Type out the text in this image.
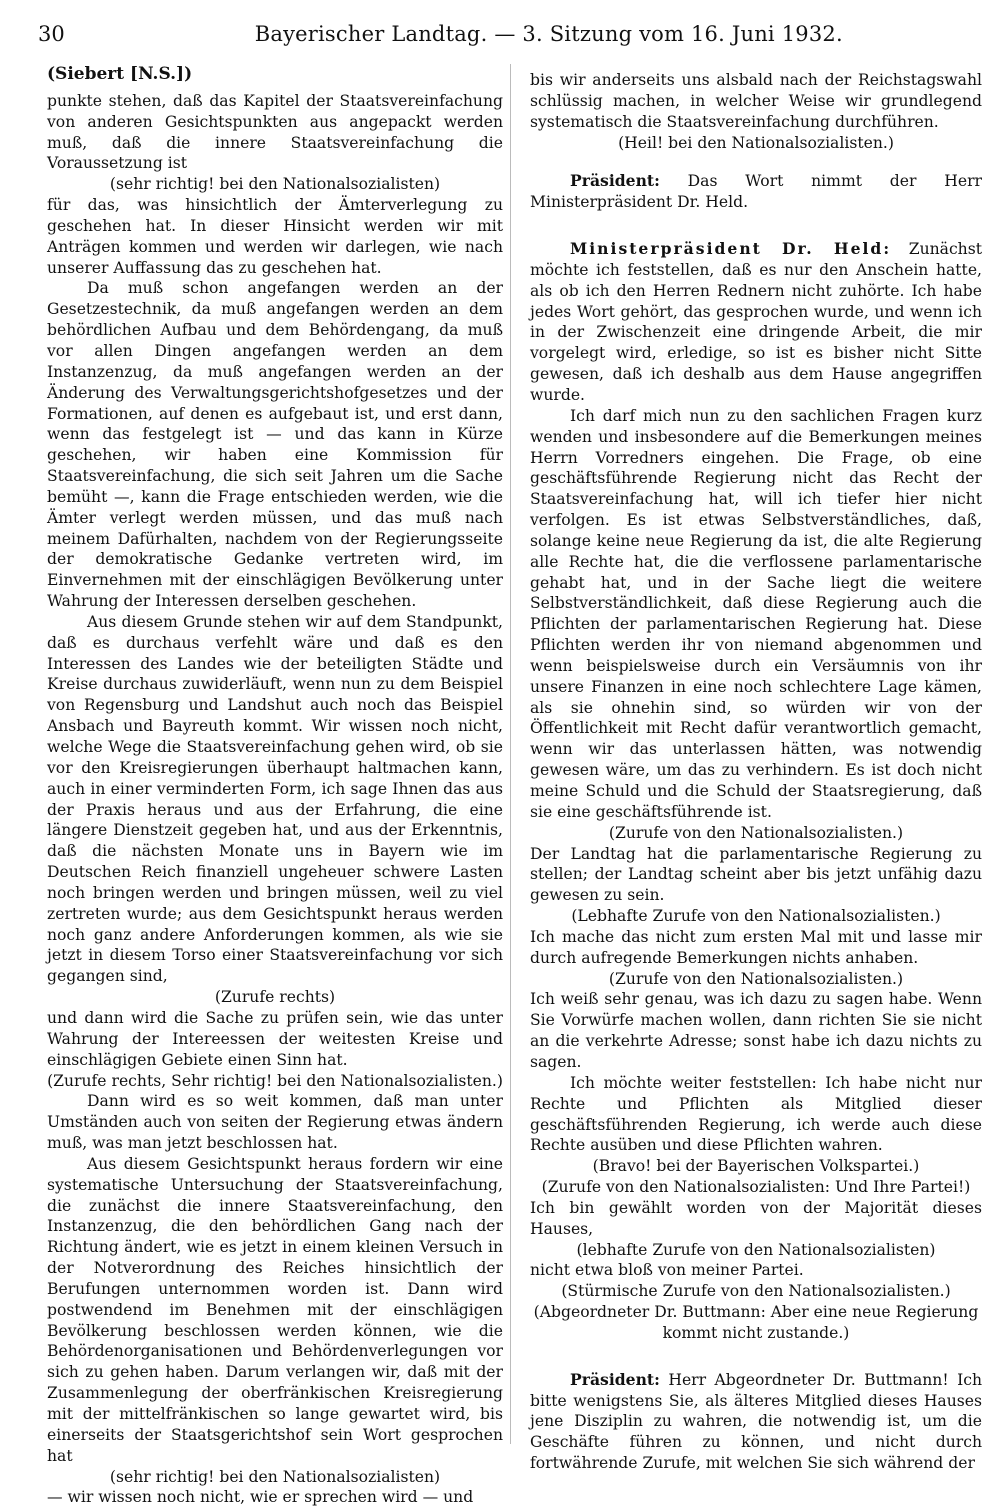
30	Bayerischer Landtag. — 3. Sitzung vom 16. Juni 1932.
(Siebert [N.S.])

punkte stehen, daß das Kapitel der Staatsvereinfachung von anderen Gesichtspunkten aus angepackt werden muß, daß die innere Staatsvereinfachung die Voraussetzung ist

(sehr richtig! bei den Nationalsozialisten)

für das, was hinsichtlich der Ämterverlegung zu geschehen hat. In dieser Hinsicht werden wir mit Anträgen kommen und werden wir darlegen, wie nach unserer Auffassung das zu geschehen hat.

Da muß schon angefangen werden an der Gesetzestechnik, da muß angefangen werden an dem behördlichen Aufbau und dem Behördengang, da muß vor allen Dingen angefangen werden an dem Instanzenzug, da muß angefangen werden an der Änderung des Verwaltungsgerichtshofgesetzes und der Formationen, auf denen es aufgebaut ist, und erst dann, wenn das festgelegt ist — und das kann in Kürze geschehen, wir haben eine Kommission für Staatsvereinfachung, die sich seit Jahren um die Sache bemüht —, kann die Frage entschieden werden, wie die Ämter verlegt werden müssen, und das muß nach meinem Dafürhalten, nachdem von der Regierungsseite der demokratische Gedanke vertreten wird, im Einvernehmen mit der einschlägigen Bevölkerung unter Wahrung der Interessen derselben geschehen.

Aus diesem Grunde stehen wir auf dem Standpunkt, daß es durchaus verfehlt wäre und daß es den Interessen des Landes wie der beteiligten Städte und Kreise durchaus zuwiderläuft, wenn nun zu dem Beispiel von Regensburg und Landshut auch noch das Beispiel Ansbach und Bayreuth kommt. Wir wissen noch nicht, welche Wege die Staatsvereinfachung gehen wird, ob sie vor den Kreisregierungen überhaupt haltmachen kann, auch in einer verminderten Form, ich sage Ihnen das aus der Praxis heraus und aus der Erfahrung, die eine längere Dienstzeit gegeben hat, und aus der Erkenntnis, daß die nächsten Monate uns in Bayern wie im Deutschen Reich finanziell ungeheuer schwere Lasten noch bringen werden und bringen müssen, weil zu viel zertreten wurde; aus dem Gesichtspunkt heraus werden noch ganz andere Anforderungen kommen, als wie sie jetzt in diesem Torso einer Staatsvereinfachung vor sich gegangen sind,

(Zurufe rechts)

und dann wird die Sache zu prüfen sein, wie das unter Wahrung der Intereessen der weitesten Kreise und einschlägigen Gebiete einen Sinn hat.

(Zurufe rechts, Sehr richtig! bei den Nationalsozialisten.)

Dann wird es so weit kommen, daß man unter Umständen auch von seiten der Regierung etwas ändern muß, was man jetzt beschlossen hat.

Aus diesem Gesichtspunkt heraus fordern wir eine systematische Untersuchung der Staatsvereinfachung, die zunächst die innere Staatsvereinfachung, den Instanzenzug, die den behördlichen Gang nach der Richtung ändert, wie es jetzt in einem kleinen Versuch in der Notverordnung des Reiches hinsichtlich der Berufungen unternommen worden ist. Dann wird postwendend im Benehmen mit der einschlägigen Bevölkerung beschlossen werden können, wie die Behördenorganisationen und Behördenverlegungen vor sich zu gehen haben. Darum verlangen wir, daß mit der Zusammenlegung der oberfränkischen Kreisregierung mit der mittelfränkischen so lange gewartet wird, bis einerseits der Staatsgerichtshof sein Wort gesprochen hat

(sehr richtig! bei den Nationalsozialisten)

— wir wissen noch nicht, wie er sprechen wird — und

bis wir anderseits uns alsbald nach der Reichstagswahl schlüssig machen, in welcher Weise wir grundlegend systematisch die Staatsvereinfachung durchführen.

(Heil! bei den Nationalsozialisten.)

Präsident: Das Wort nimmt der Herr Ministerpräsident Dr. Held.

Ministerpräsident Dr. Held: Zunächst möchte ich feststellen, daß es nur den Anschein hatte, als ob ich den Herren Rednern nicht zuhörte. Ich habe jedes Wort gehört, das gesprochen wurde, und wenn ich in der Zwischenzeit eine dringende Arbeit, die mir vorgelegt wird, erledige, so ist es bisher nicht Sitte gewesen, daß ich deshalb aus dem Hause angegriffen wurde.

Ich darf mich nun zu den sachlichen Fragen kurz wenden und insbesondere auf die Bemerkungen meines Herrn Vorredners eingehen. Die Frage, ob eine geschäftsführende Regierung nicht das Recht der Staatsvereinfachung hat, will ich tiefer hier nicht verfolgen. Es ist etwas Selbstverständliches, daß, solange keine neue Regierung da ist, die alte Regierung alle Rechte hat, die die verflossene parlamentarische gehabt hat, und in der Sache liegt die weitere Selbstverständlichkeit, daß diese Regierung auch die Pflichten der parlamentarischen Regierung hat. Diese Pflichten werden ihr von niemand abgenommen und wenn beispielsweise durch ein Versäumnis von ihr unsere Finanzen in eine noch schlechtere Lage kämen, als sie ohnehin sind, so würden wir von der Öffentlichkeit mit Recht dafür verantwortlich gemacht, wenn wir das unterlassen hätten, was notwendig gewesen wäre, um das zu verhindern. Es ist doch nicht meine Schuld und die Schuld der Staatsregierung, daß sie eine geschäftsführende ist.

(Zurufe von den Nationalsozialisten.)

Der Landtag hat die parlamentarische Regierung zu stellen; der Landtag scheint aber bis jetzt unfähig dazu gewesen zu sein.

(Lebhafte Zurufe von den Nationalsozialisten.)

Ich mache das nicht zum ersten Mal mit und lasse mir durch aufregende Bemerkungen nichts anhaben.

(Zurufe von den Nationalsozialisten.)

Ich weiß sehr genau, was ich dazu zu sagen habe. Wenn Sie Vorwürfe machen wollen, dann richten Sie sie nicht an die verkehrte Adresse; sonst habe ich dazu nichts zu sagen.

Ich möchte weiter feststellen: Ich habe nicht nur Rechte und Pflichten als Mitglied dieser geschäftsführenden Regierung, ich werde auch diese Rechte ausüben und diese Pflichten wahren.

(Bravo! bei der Bayerischen Volkspartei.)

(Zurufe von den Nationalsozialisten: Und Ihre Partei!)

Ich bin gewählt worden von der Majorität dieses Hauses,

(lebhafte Zurufe von den Nationalsozialisten)

nicht etwa bloß von meiner Partei.

(Stürmische Zurufe von den Nationalsozialisten.)

(Abgeordneter Dr. Buttmann: Aber eine neue Regierung kommt nicht zustande.)

Präsident: Herr Abgeordneter Dr. Buttmann! Ich bitte wenigstens Sie, als älteres Mitglied dieses Hauses jene Disziplin zu wahren, die notwendig ist, um die Geschäfte führen zu können, und nicht durch fortwährende Zurufe, mit welchen Sie sich während der
